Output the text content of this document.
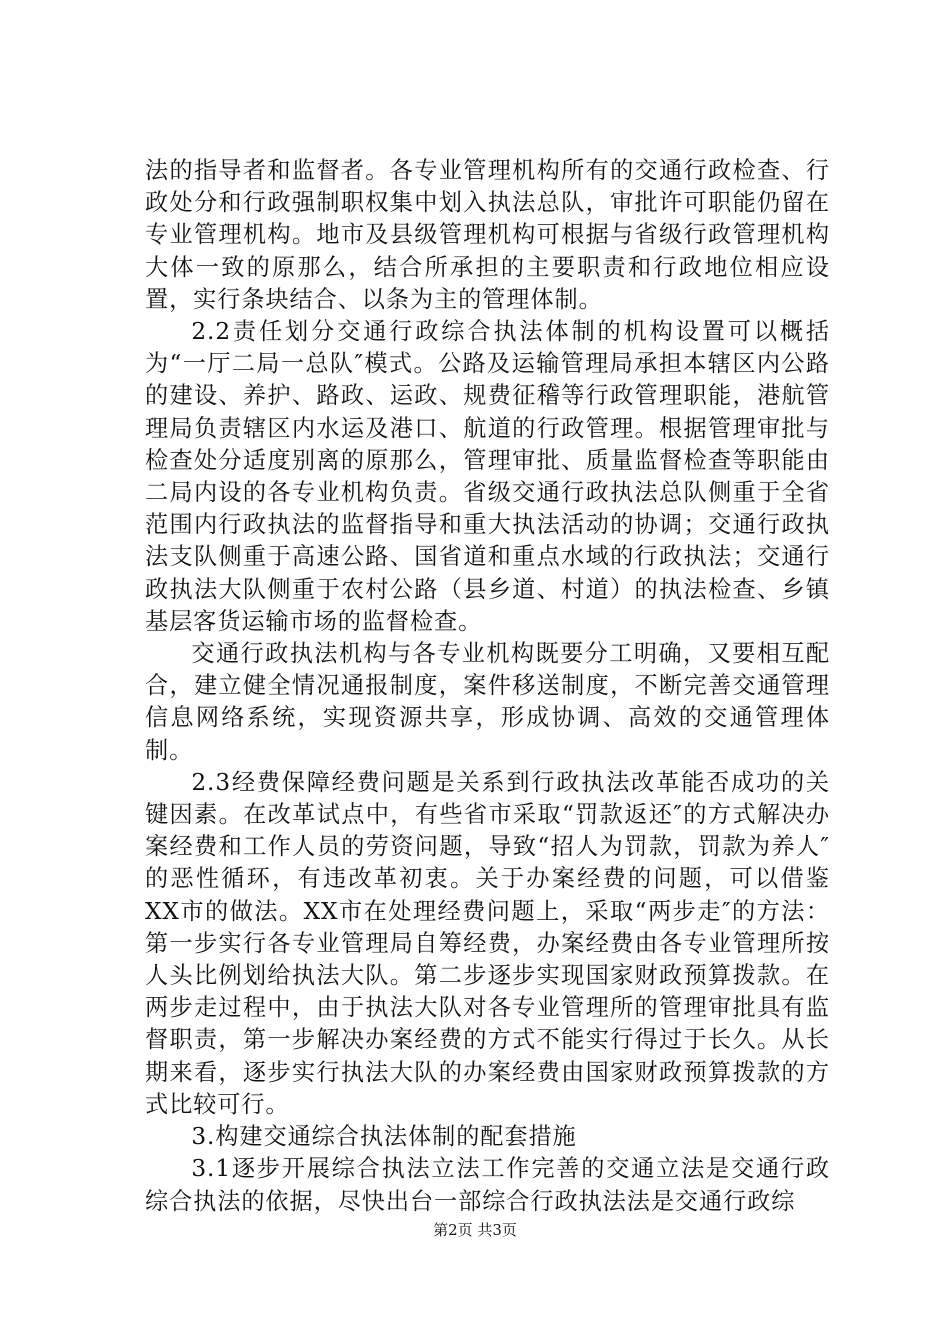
法的指导者和监督者。各专业管理机构所有的交通行政检查、行政处分和行政强制职权集中划入执法总队，审批许可职能仍留在专业管理机构。地市及县级管理机构可根据与省级行政管理机构大体一致的原那么，结合所承担的主要职责和行政地位相应设置，实行条块结合、以条为主的管理体制。

2.2责任划分交通行政综合执法体制的机构设置可以概括为“一厅二局一总队″模式。公路及运输管理局承担本辖区内公路的建设、养护、路政、运政、规费征稽等行政管理职能，港航管理局负责辖区内水运及港口、航道的行政管理。根据管理审批与检查处分适度别离的原那么，管理审批、质量监督检查等职能由二局内设的各专业机构负责。省级交通行政执法总队侧重于全省范围内行政执法的监督指导和重大执法活动的协调；交通行政执法支队侧重于高速公路、国省道和重点水域的行政执法；交通行政执法大队侧重于农村公路（县乡道、村道）的执法检查、乡镇基层客货运输市场的监督检查。

交通行政执法机构与各专业机构既要分工明确，又要相互配合，建立健全情况通报制度，案件移送制度，不断完善交通管理信息网络系统，实现资源共享，形成协调、高效的交通管理体制。

2.3经费保障经费问题是关系到行政执法改革能否成功的关键因素。在改革试点中，有些省市采取“罚款返还″的方式解决办案经费和工作人员的劳资问题，导致“招人为罚款，罚款为养人″的恶性循环，有违改革初衷。关于办案经费的问题，可以借鉴XX市的做法。XX市在处理经费问题上，采取“两步走″的方法：第一步实行各专业管理局自筹经费，办案经费由各专业管理所按人头比例划给执法大队。第二步逐步实现国家财政预算拨款。在两步走过程中，由于执法大队对各专业管理所的管理审批具有监督职责，第一步解决办案经费的方式不能实行得过于长久。从长期来看，逐步实行执法大队的办案经费由国家财政预算拨款的方式比较可行。

3.构建交通综合执法体制的配套措施

3.1逐步开展综合执法立法工作完善的交通立法是交通行政综合执法的依据，尽快出台一部综合行政执法法是交通行政综

第2页 共3页
